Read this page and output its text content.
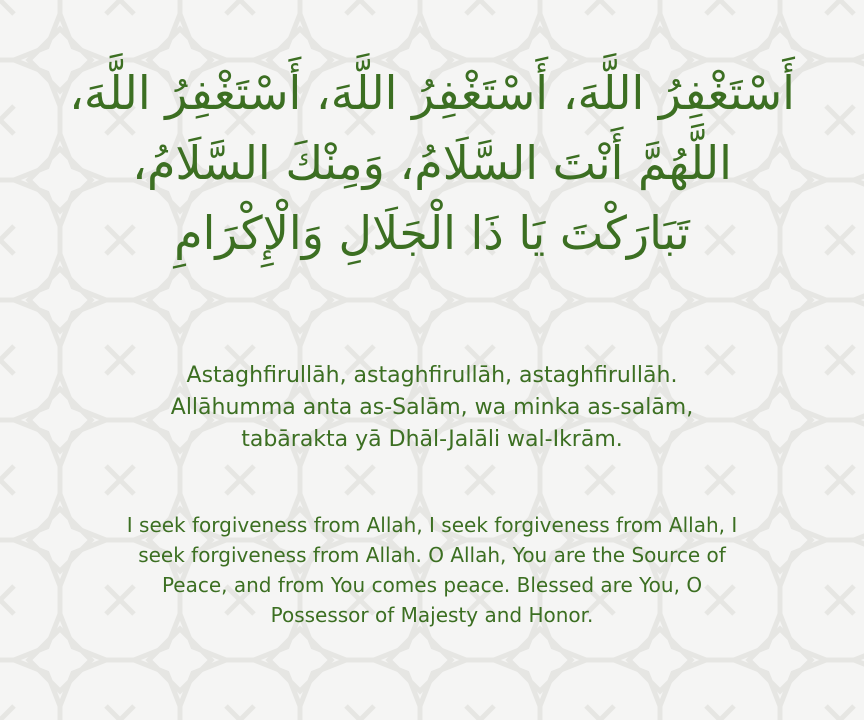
أَسْتَغْفِرُ اللَّهَ، أَسْتَغْفِرُ اللَّهَ، أَسْتَغْفِرُ اللَّهَ،
اللَّهُمَّ أَنْتَ السَّلَامُ، وَمِنْكَ السَّلَامُ،
تَبَارَكْتَ يَا ذَا الْجَلَالِ وَالْإِكْرَامِ
Astaghfirullāh, astaghfirullāh, astaghfirullāh.
Allāhumma anta as-Salām, wa minka as-salām,
tabārakta yā Dhāl-Jalāli wal-Ikrām.
I seek forgiveness from Allah, I seek forgiveness from Allah, I
seek forgiveness from Allah. O Allah, You are the Source of
Peace, and from You comes peace. Blessed are You, O
Possessor of Majesty and Honor.
